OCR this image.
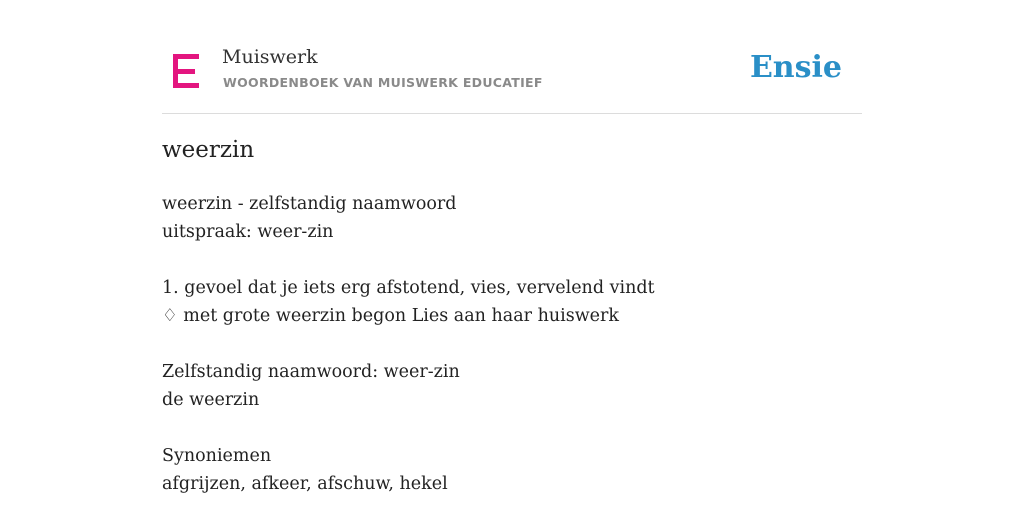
Muiswerk
WOORDENBOEK VAN MUISWERK EDUCATIEF	Ensie
weerzin
weerzin - zelfstandig naamwoord
uitspraak: weer-zin
1. gevoel dat je iets erg afstotend, vies, vervelend vindt
♢ met grote weerzin begon Lies aan haar huiswerk
Zelfstandig naamwoord: weer-zin
de weerzin
Synoniemen
afgrijzen, afkeer, afschuw, hekel
